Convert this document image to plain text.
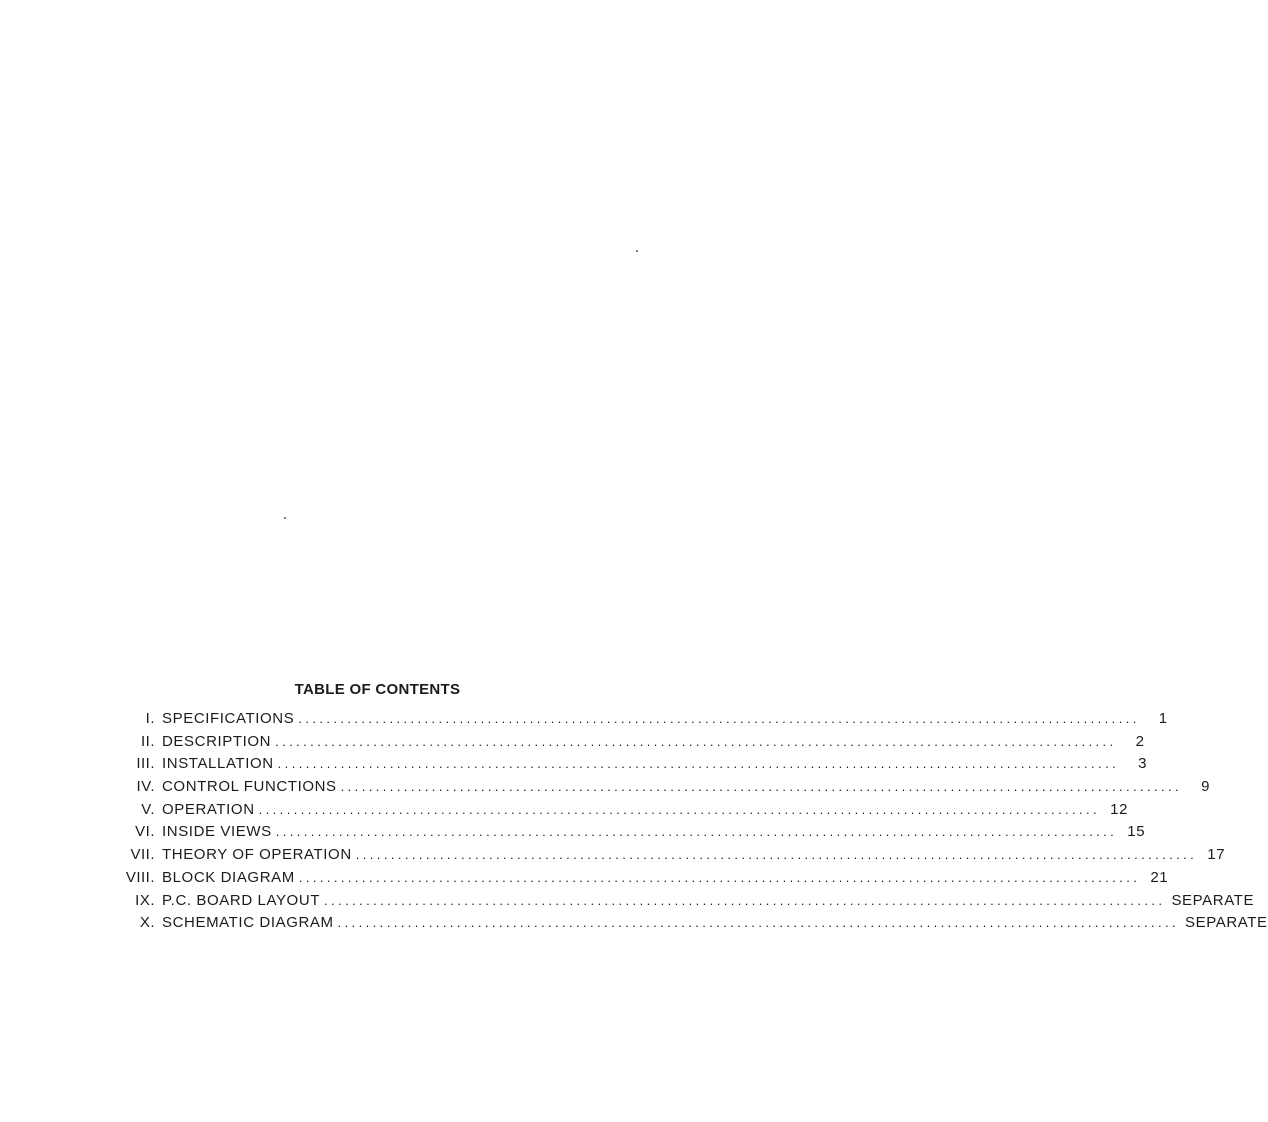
TABLE OF CONTENTS
I. SPECIFICATIONS ........................................................................................................................	1
II. DESCRIPTION ........................................................................................................................	2
III. INSTALLATION ........................................................................................................................	3
IV. CONTROL FUNCTIONS ........................................................................................................................	9
V. OPERATION ........................................................................................................................ 12
VI. INSIDE VIEWS ........................................................................................................................ 15
VII. THEORY OF OPERATION ........................................................................................................................ 17
VIII. BLOCK DIAGRAM ........................................................................................................................ 21
IX. P.C. BOARD LAYOUT ........................................................................................................................ SEPARATE
X. SCHEMATIC DIAGRAM ........................................................................................................................ SEPARATE
